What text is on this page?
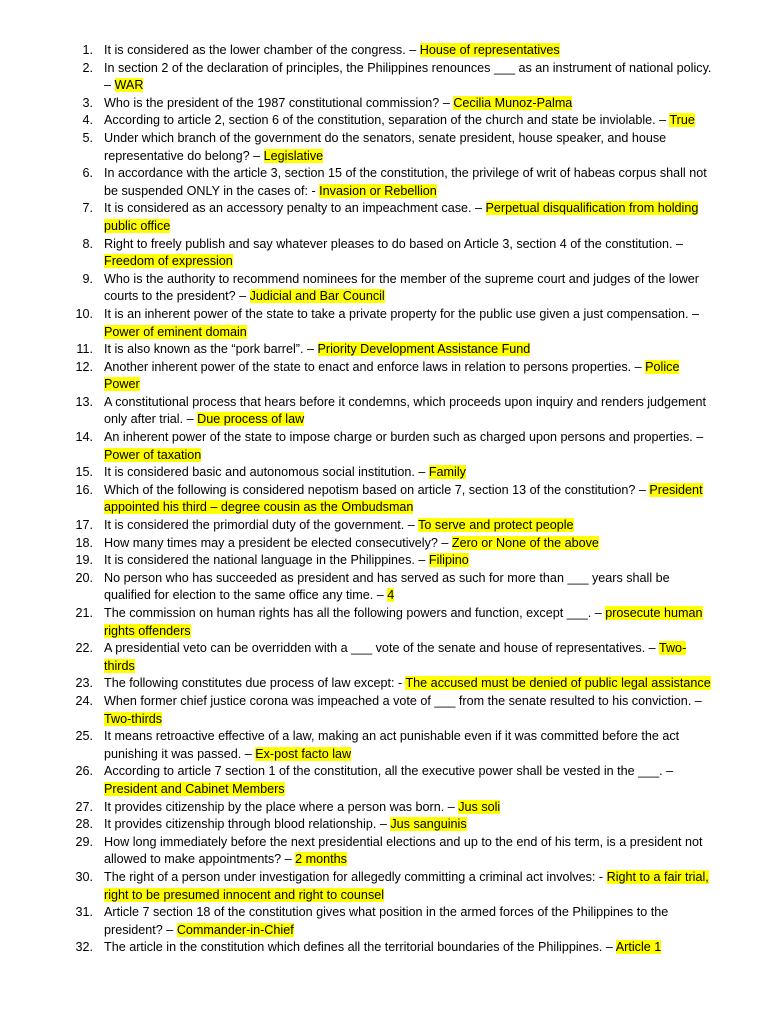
1. It is considered as the lower chamber of the congress. – House of representatives
2. In section 2 of the declaration of principles, the Philippines renounces ___ as an instrument of national policy. – WAR
3. Who is the president of the 1987 constitutional commission? – Cecilia Munoz-Palma
4. According to article 2, section 6 of the constitution, separation of the church and state be inviolable. – True
5. Under which branch of the government do the senators, senate president, house speaker, and house representative do belong? – Legislative
6. In accordance with the article 3, section 15 of the constitution, the privilege of writ of habeas corpus shall not be suspended ONLY in the cases of: - Invasion or Rebellion
7. It is considered as an accessory penalty to an impeachment case. – Perpetual disqualification from holding public office
8. Right to freely publish and say whatever pleases to do based on Article 3, section 4 of the constitution. – Freedom of expression
9. Who is the authority to recommend nominees for the member of the supreme court and judges of the lower courts to the president? – Judicial and Bar Council
10. It is an inherent power of the state to take a private property for the public use given a just compensation. – Power of eminent domain
11. It is also known as the “pork barrel”. – Priority Development Assistance Fund
12. Another inherent power of the state to enact and enforce laws in relation to persons properties. – Police Power
13. A constitutional process that hears before it condemns, which proceeds upon inquiry and renders judgement only after trial. – Due process of law
14. An inherent power of the state to impose charge or burden such as charged upon persons and properties. – Power of taxation
15. It is considered basic and autonomous social institution. – Family
16. Which of the following is considered nepotism based on article 7, section 13 of the constitution? – President appointed his third – degree cousin as the Ombudsman
17. It is considered the primordial duty of the government. – To serve and protect people
18. How many times may a president be elected consecutively? – Zero or None of the above
19. It is considered the national language in the Philippines. – Filipino
20. No person who has succeeded as president and has served as such for more than ___ years shall be qualified for election to the same office any time. – 4
21. The commission on human rights has all the following powers and function, except ___. – prosecute human rights offenders
22. A presidential veto can be overridden with a ___ vote of the senate and house of representatives. – Two-thirds
23. The following constitutes due process of law except: - The accused must be denied of public legal assistance
24. When former chief justice corona was impeached a vote of ___ from the senate resulted to his conviction. – Two-thirds
25. It means retroactive effective of a law, making an act punishable even if it was committed before the act punishing it was passed. – Ex-post facto law
26. According to article 7 section 1 of the constitution, all the executive power shall be vested in the ___. – President and Cabinet Members
27. It provides citizenship by the place where a person was born. – Jus soli
28. It provides citizenship through blood relationship. – Jus sanguinis
29. How long immediately before the next presidential elections and up to the end of his term, is a president not allowed to make appointments? – 2 months
30. The right of a person under investigation for allegedly committing a criminal act involves: - Right to a fair trial, right to be presumed innocent and right to counsel
31. Article 7 section 18 of the constitution gives what position in the armed forces of the Philippines to the president? – Commander-in-Chief
32. The article in the constitution which defines all the territorial boundaries of the Philippines. – Article 1
